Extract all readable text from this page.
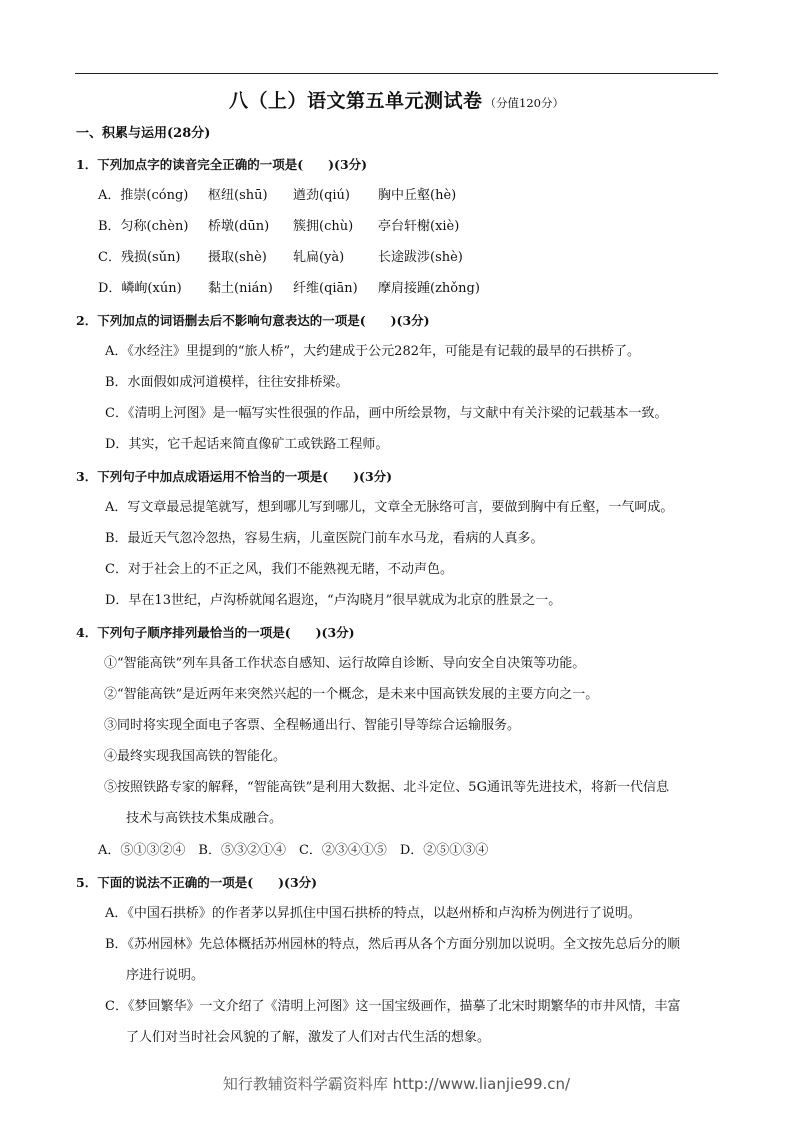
八（上）语文第五单元测试卷 （分值120分）
一、积累与运用(28分)
1．下列加点字的读音完全正确的一项是(　　)(3分)
A．推崇(cóng) 枢纽(shū) 遒劲(qiú) 胸中丘壑(hè)
B．匀称(chèn) 桥墩(dūn) 簇拥(chù) 亭台轩榭(xiè)
C．残损(sǔn) 摄取(shè) 轧扁(yà)	长途跋涉(shè)
D．嶙峋(xún) 黏土(nián) 纤维(qiān) 摩肩接踵(zhǒng)
2．下列加点的词语删去后不影响句意表达的一项是(　　)(3分)
A．《水经注》里提到的“旅人桥”，大约建成于公元282年，可能是有记载的最早的石拱桥了。
B．水面假如成河道模样，往往安排桥梁。
C．《清明上河图》是一幅写实性很强的作品，画中所绘景物，与文献中有关汴梁的记载基本一致。
D．其实，它千起话来简直像矿工或铁路工程师。
3．下列句子中加点成语运用不恰当的一项是(　　)(3分)
A．写文章最忌提笔就写，想到哪儿写到哪儿，文章全无脉络可言，要做到胸中有丘壑，一气呵成。
B．最近天气忽冷忽热，容易生病，儿童医院门前车水马龙，看病的人真多。
C．对于社会上的不正之风，我们不能熟视无睹，不动声色。
D．早在13世纪，卢沟桥就闻名遐迩，“卢沟晓月”很早就成为北京的胜景之一。
4．下列句子顺序排列最恰当的一项是(　　)(3分)
①“智能高铁”列车具备工作状态自感知、运行故障自诊断、导向安全自决策等功能。
②“智能高铁”是近两年来突然兴起的一个概念，是未来中国高铁发展的主要方向之一。
③同时将实现全面电子客票、全程畅通出行、智能引导等综合运输服务。
④最终实现我国高铁的智能化。
⑤按照铁路专家的解释，“智能高铁”是利用大数据、北斗定位、5G通讯等先进技术，将新一代信息
技术与高铁技术集成融合。
A．⑤①③②④　B．⑤③②①④　C．②③④①⑤　D．②⑤①③④
5．下面的说法不正确的一项是(　　)(3分)
A．《中国石拱桥》的作者茅以昇抓住中国石拱桥的特点，以赵州桥和卢沟桥为例进行了说明。
B．《苏州园林》先总体概括苏州园林的特点，然后再从各个方面分别加以说明。全文按先总后分的顺
序进行说明。
C．《梦回繁华》一文介绍了《清明上河图》这一国宝级画作，描摹了北宋时期繁华的市井风情，丰富
了人们对当时社会风貌的了解，激发了人们对古代生活的想象。
知行教辅资料学霸资料库 http://www.lianjie99.cn/
